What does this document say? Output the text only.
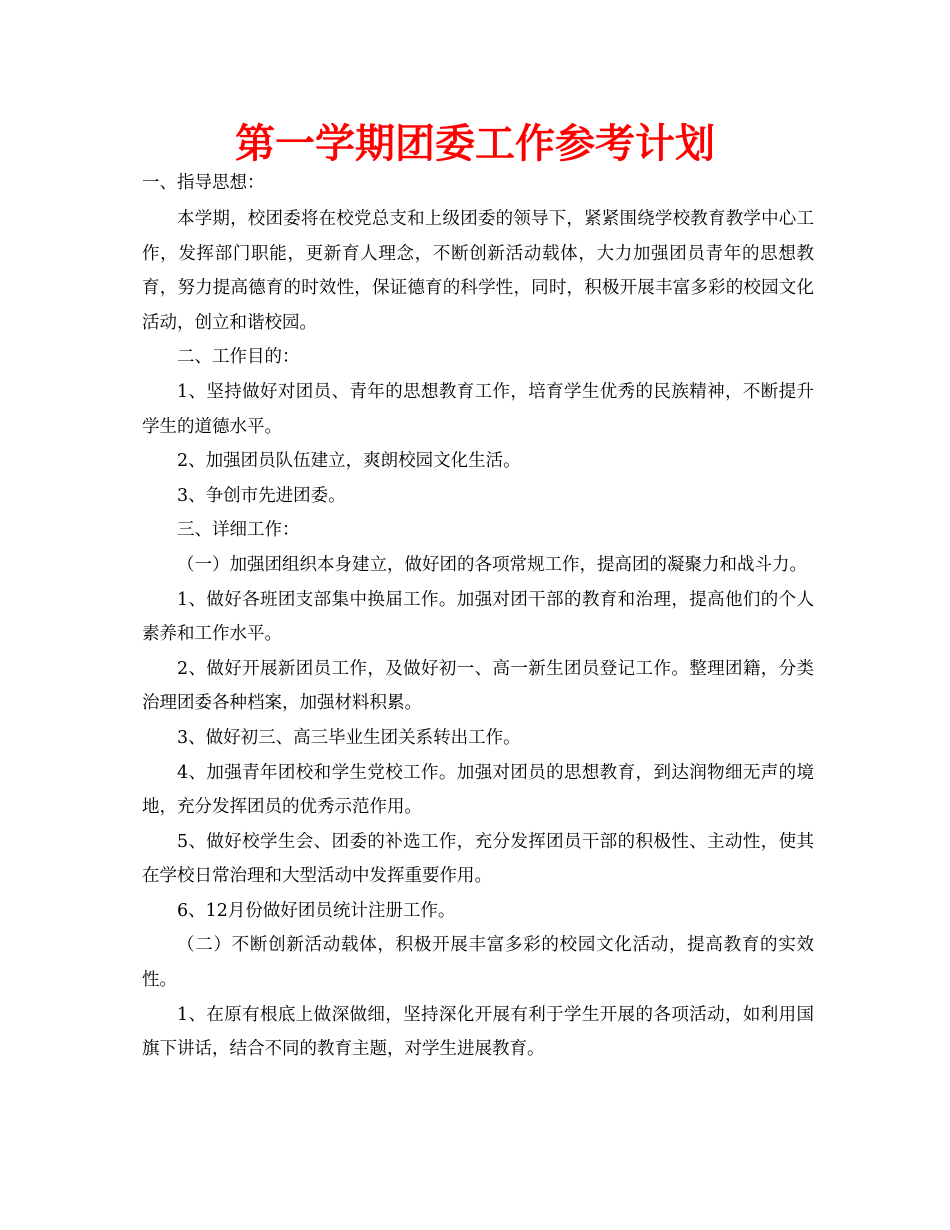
第一学期团委工作参考计划

一、指导思想：

本学期，校团委将在校党总支和上级团委的领导下，紧紧围绕学校教育教学中心工作，发挥部门职能，更新育人理念，不断创新活动载体，大力加强团员青年的思想教育，努力提高德育的时效性，保证德育的科学性，同时，积极开展丰富多彩的校园文化活动，创立和谐校园。

二、工作目的：

1、坚持做好对团员、青年的思想教育工作，培育学生优秀的民族精神，不断提升学生的道德水平。

2、加强团员队伍建立，爽朗校园文化生活。

3、争创市先进团委。

三、详细工作：

（一）加强团组织本身建立，做好团的各项常规工作，提高团的凝聚力和战斗力。

1、做好各班团支部集中换届工作。加强对团干部的教育和治理，提高他们的个人素养和工作水平。

2、做好开展新团员工作，及做好初一、高一新生团员登记工作。整理团籍，分类治理团委各种档案，加强材料积累。

3、做好初三、高三毕业生团关系转出工作。

4、加强青年团校和学生党校工作。加强对团员的思想教育，到达润物细无声的境地，充分发挥团员的优秀示范作用。

5、做好校学生会、团委的补选工作，充分发挥团员干部的积极性、主动性，使其在学校日常治理和大型活动中发挥重要作用。

6、12月份做好团员统计注册工作。

（二）不断创新活动载体，积极开展丰富多彩的校园文化活动，提高教育的实效性。

1、在原有根底上做深做细，坚持深化开展有利于学生开展的各项活动，如利用国旗下讲话，结合不同的教育主题，对学生进展教育。
